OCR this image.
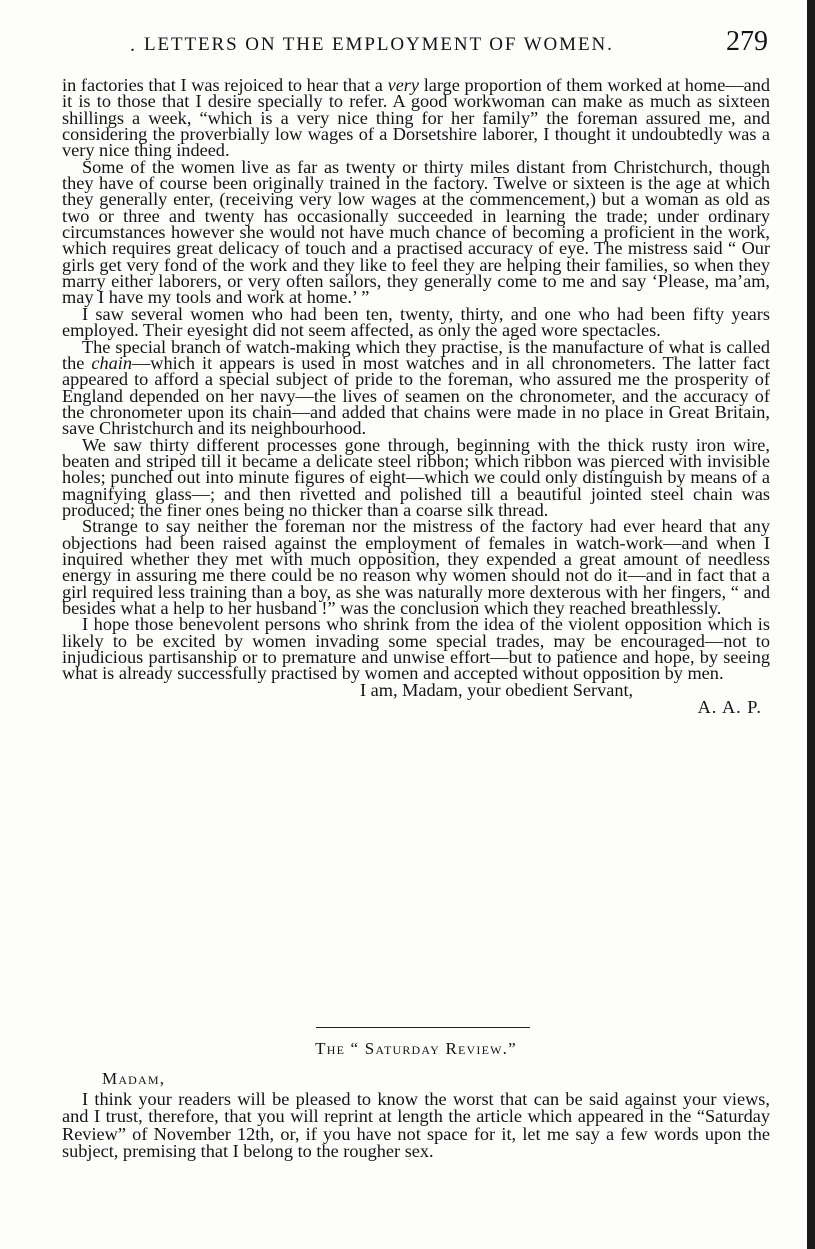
. LETTERS ON THE EMPLOYMENT OF WOMEN.	279

in factories that I was rejoiced to hear that a very large proportion of them worked at home—and it is to those that I desire specially to refer. A good workwoman can make as much as sixteen shillings a week, “which is a very nice thing for her family” the foreman assured me, and considering the proverbially low wages of a Dorsetshire laborer, I thought it undoubtedly was a very nice thing indeed.

Some of the women live as far as twenty or thirty miles distant from Christchurch, though they have of course been originally trained in the factory. Twelve or sixteen is the age at which they generally enter, (receiving very low wages at the commencement,) but a woman as old as two or three and twenty has occasionally succeeded in learning the trade; under ordinary circumstances however she would not have much chance of becoming a proficient in the work, which requires great delicacy of touch and a practised accuracy of eye. The mistress said “ Our girls get very fond of the work and they like to feel they are helping their families, so when they marry either laborers, or very often sailors, they generally come to me and say ‘Please, ma’am, may I have my tools and work at home.’ ”

I saw several women who had been ten, twenty, thirty, and one who had been fifty years employed. Their eyesight did not seem affected, as only the aged wore spectacles.

The special branch of watch-making which they practise, is the manufacture of what is called the chain—which it appears is used in most watches and in all chronometers. The latter fact appeared to afford a special subject of pride to the foreman, who assured me the prosperity of England depended on her navy—the lives of seamen on the chronometer, and the accuracy of the chronometer upon its chain—and added that chains were made in no place in Great Britain, save Christchurch and its neighbourhood.

We saw thirty different processes gone through, beginning with the thick rusty iron wire, beaten and striped till it became a delicate steel ribbon; which ribbon was pierced with invisible holes; punched out into minute figures of eight—which we could only distinguish by means of a magnifying glass—; and then rivetted and polished till a beautiful jointed steel chain was produced; the finer ones being no thicker than a coarse silk thread.

Strange to say neither the foreman nor the mistress of the factory had ever heard that any objections had been raised against the employment of females in watch-work—and when I inquired whether they met with much opposition, they expended a great amount of needless energy in assuring me there could be no reason why women should not do it—and in fact that a girl required less training than a boy, as she was naturally more dexterous with her fingers, “ and besides what a help to her husband !” was the conclusion which they reached breathlessly.

I hope those benevolent persons who shrink from the idea of the violent opposition which is likely to be excited by women invading some special trades, may be encouraged—not to injudicious partisanship or to premature and unwise effort—but to patience and hope, by seeing what is already successfully practised by women and accepted without opposition by men.

I am, Madam, your obedient Servant,

A. A. P.

The “ Saturday Review.”

Madam,

I think your readers will be pleased to know the worst that can be said against your views, and I trust, therefore, that you will reprint at length the article which appeared in the “Saturday Review” of November 12th, or, if you have not space for it, let me say a few words upon the subject, premising that I belong to the rougher sex.
